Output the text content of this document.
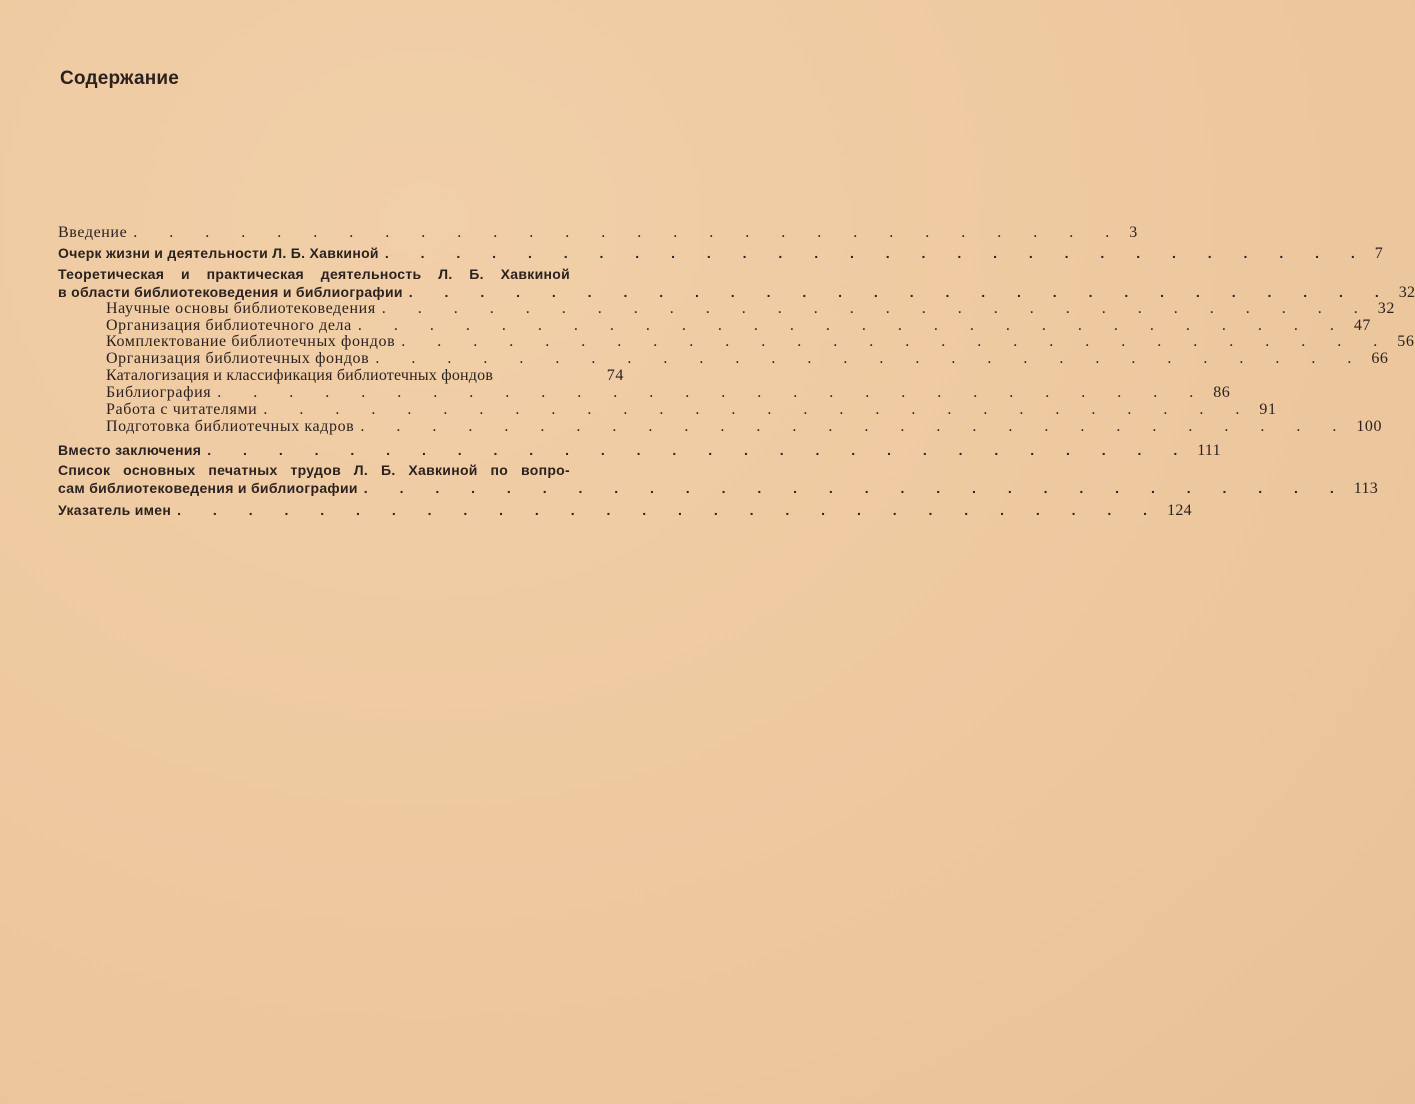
Содержание
Введение . . . . . . . . . . . . . . . . . . . . . . . . . . . . 3
Очерк жизни и деятельности Л. Б. Хавкиной . . . . . . . . . . . . . . . . . . . . . . . . . . . . 7
Теоретическая и практическая деятельность Л. Б. Хавкиной
в области библиотековедения и библиографии . . . . . . . . . . . . . . . . . . . . . . . . . . . . 32
Научные основы библиотековедения . . . . . . . . . . . . . . . . . . . . . . . . . . . . 32
Организация библиотечного дела . . . . . . . . . . . . . . . . . . . . . . . . . . . . 47
Комплектование библиотечных фондов . . . . . . . . . . . . . . . . . . . . . . . . . . . . 56
Организация библиотечных фондов . . . . . . . . . . . . . . . . . . . . . . . . . . . . 66
Каталогизация и классификация библиотечных фондов	74
Библиография . . . . . . . . . . . . . . . . . . . . . . . . . . . . 86
Работа с читателями . . . . . . . . . . . . . . . . . . . . . . . . . . . . 91
Подготовка библиотечных кадров . . . . . . . . . . . . . . . . . . . . . . . . . . . . 100
Вместо заключения . . . . . . . . . . . . . . . . . . . . . . . . . . . . 111
Список основных печатных трудов Л. Б. Хавкиной по вопро-
сам библиотековедения и библиографии . . . . . . . . . . . . . . . . . . . . . . . . . . . . 113
Указатель имен . . . . . . . . . . . . . . . . . . . . . . . . . . . . 124
